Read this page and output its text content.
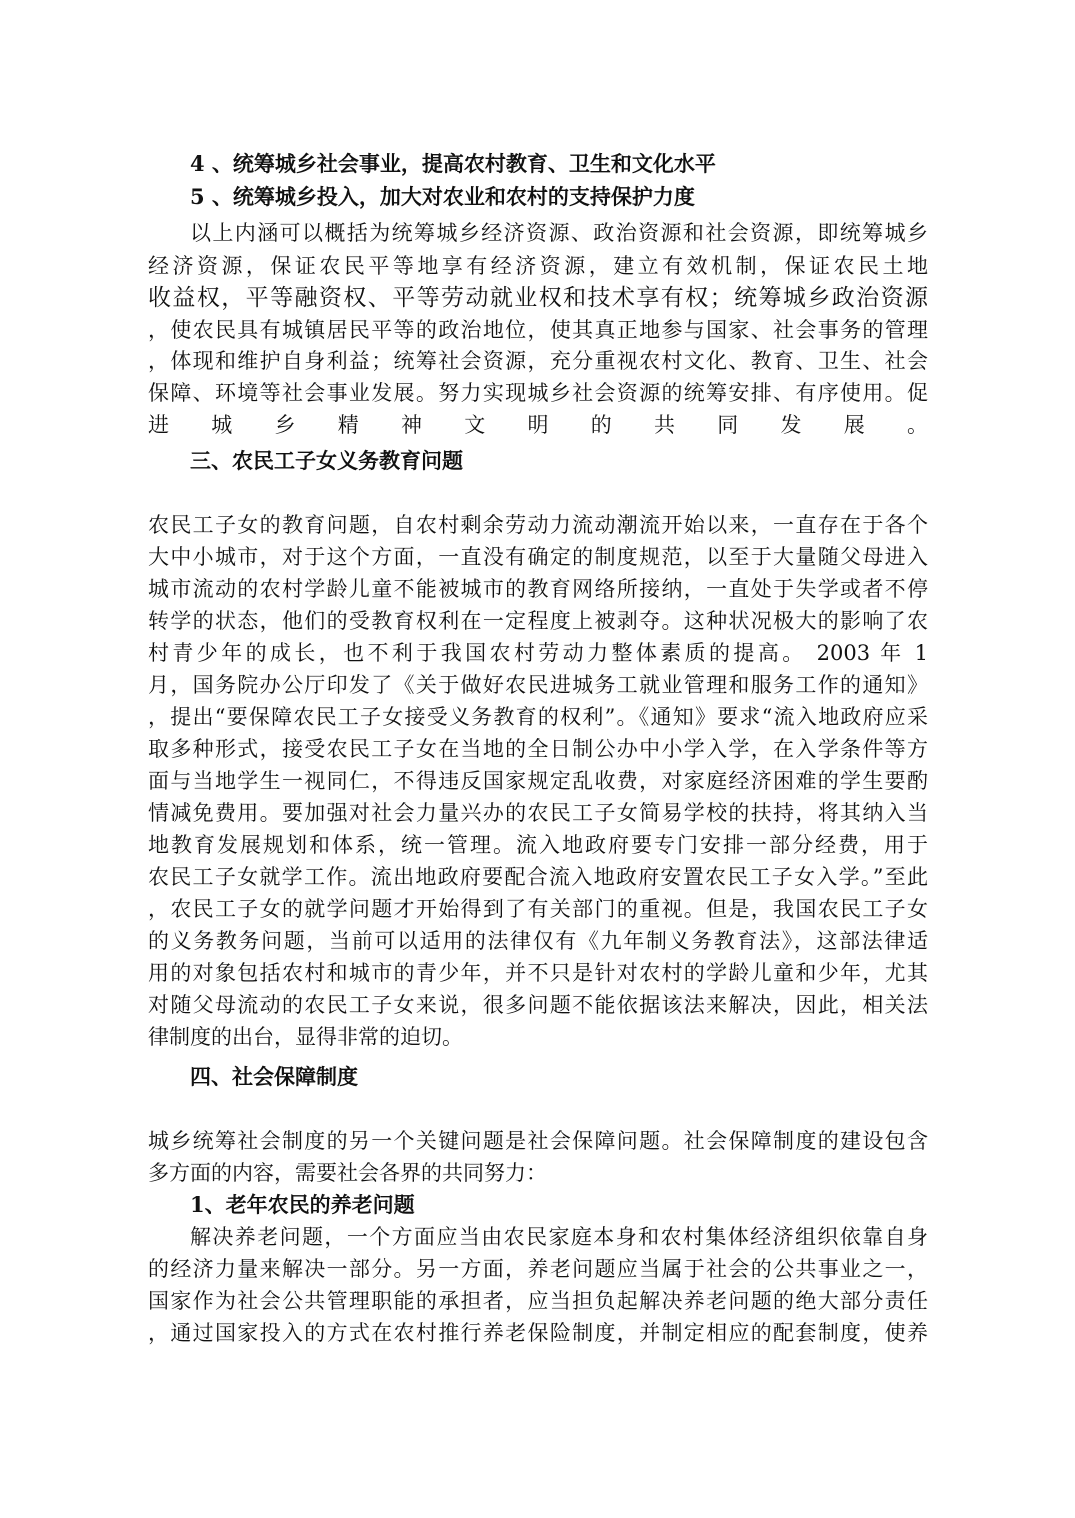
4 、统筹城乡社会事业，提高农村教育、卫生和文化水平
5 、统筹城乡投入，加大对农业和农村的支持保护力度
以上内涵可以概括为统筹城乡经济资源、政治资源和社会资源，即统筹城乡
经济资源，保证农民平等地享有经济资源，建立有效机制，保证农民土地
收益权，平等融资权、平等劳动就业权和技术享有权；统筹城乡政治资源
，使农民具有城镇居民平等的政治地位，使其真正地参与国家、社会事务的管理
，体现和维护自身利益；统筹社会资源，充分重视农村文化、教育、卫生、社会
保障、环境等社会事业发展。努力实现城乡社会资源的统筹安排、有序使用。促
进城乡精神文明的共同发展。
三、农民工子女义务教育问题
农民工子女的教育问题，自农村剩余劳动力流动潮流开始以来，一直存在于各个
大中小城市，对于这个方面，一直没有确定的制度规范，以至于大量随父母进入
城市流动的农村学龄儿童不能被城市的教育网络所接纳，一直处于失学或者不停
转学的状态，他们的受教育权利在一定程度上被剥夺。这种状况极大的影响了农
村青少年的成长，也不利于我国农村劳动力整体素质的提高。 2003 年 1
月，国务院办公厅印发了《关于做好农民进城务工就业管理和服务工作的通知》
，提出“要保障农民工子女接受义务教育的权利”。《通知》要求“流入地政府应采
取多种形式，接受农民工子女在当地的全日制公办中小学入学，在入学条件等方
面与当地学生一视同仁，不得违反国家规定乱收费，对家庭经济困难的学生要酌
情减免费用。要加强对社会力量兴办的农民工子女简易学校的扶持，将其纳入当
地教育发展规划和体系，统一管理。流入地政府要专门安排一部分经费，用于
农民工子女就学工作。流出地政府要配合流入地政府安置农民工子女入学。”至此
，农民工子女的就学问题才开始得到了有关部门的重视。但是，我国农民工子女
的义务教务问题，当前可以适用的法律仅有《九年制义务教育法》，这部法律适
用的对象包括农村和城市的青少年，并不只是针对农村的学龄儿童和少年，尤其
对随父母流动的农民工子女来说，很多问题不能依据该法来解决，因此，相关法
律制度的出台，显得非常的迫切。
四、社会保障制度
城乡统筹社会制度的另一个关键问题是社会保障问题。社会保障制度的建设包含
多方面的内容，需要社会各界的共同努力：
1、老年农民的养老问题
解决养老问题，一个方面应当由农民家庭本身和农村集体经济组织依靠自身
的经济力量来解决一部分。另一方面，养老问题应当属于社会的公共事业之一，
国家作为社会公共管理职能的承担者，应当担负起解决养老问题的绝大部分责任
，通过国家投入的方式在农村推行养老保险制度，并制定相应的配套制度，使养
